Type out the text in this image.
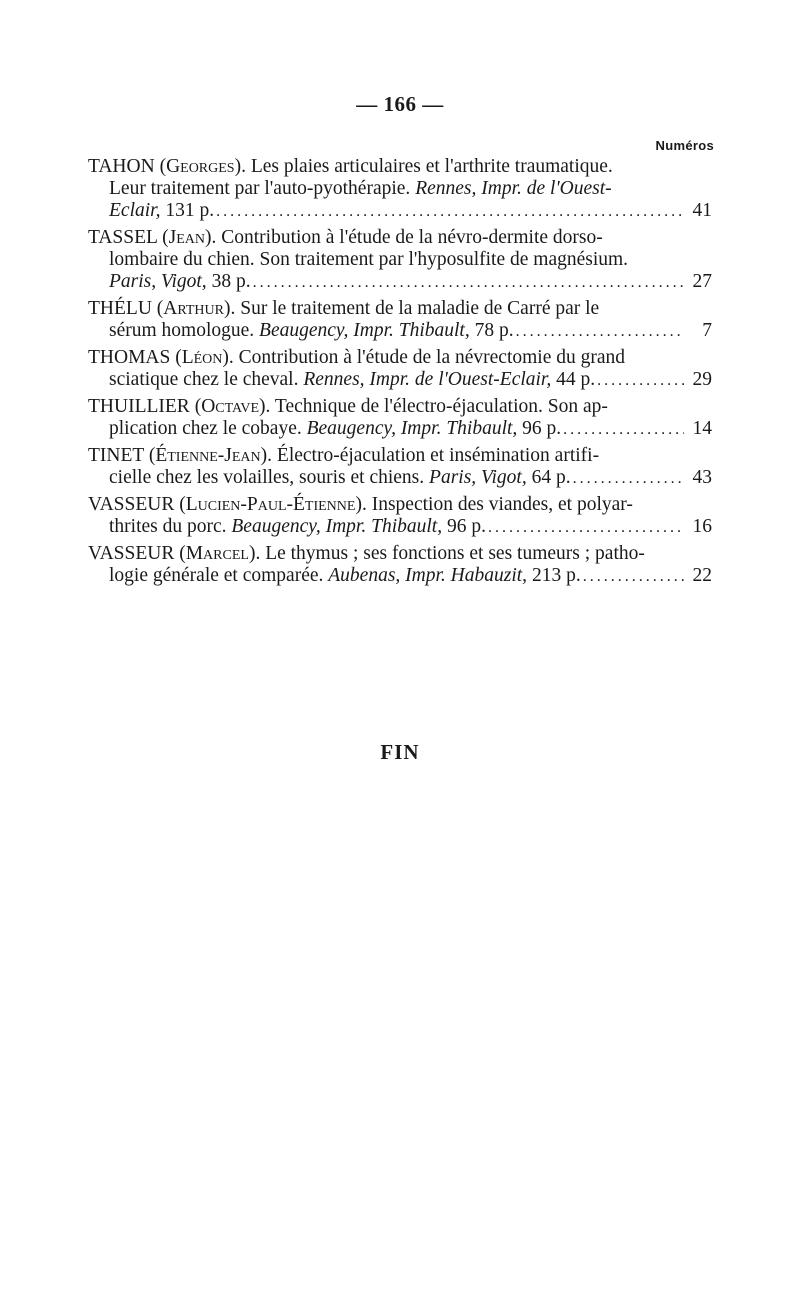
— 166 —
Numéros
TAHON (Georges). Les plaies articulaires et l'arthrite traumatique.
Leur traitement par l'auto-pyothérapie. Rennes, Impr. de l'Ouest-
Eclair, 131 p. .....	41
TASSEL (Jean). Contribution à l'étude de la névro-dermite dorso-
lombaire du chien. Son traitement par l'hyposulfite de magnésium.
Paris, Vigot, 38 p. .....	27
THÉLU (Arthur). Sur le traitement de la maladie de Carré par le
sérum homologue. Beaugency, Impr. Thibault, 78 p. .....	7
THOMAS (Léon). Contribution à l'étude de la névrectomie du grand
sciatique chez le cheval. Rennes, Impr. de l'Ouest-Eclair, 44 p. .....	29
THUILLIER (Octave). Technique de l'électro-éjaculation. Son ap-
plication chez le cobaye. Beaugency, Impr. Thibault, 96 p. .....	14
TINET (Étienne-Jean). Électro-éjaculation et insémination artifi-
cielle chez les volailles, souris et chiens. Paris, Vigot, 64 p. .....	43
VASSEUR (Lucien-Paul-Étienne). Inspection des viandes, et polyar-
thrites du porc. Beaugency, Impr. Thibault, 96 p. .....	16
VASSEUR (Marcel). Le thymus ; ses fonctions et ses tumeurs ; patho-
logie générale et comparée. Aubenas, Impr. Habauzit, 213 p. .....	22
FIN
